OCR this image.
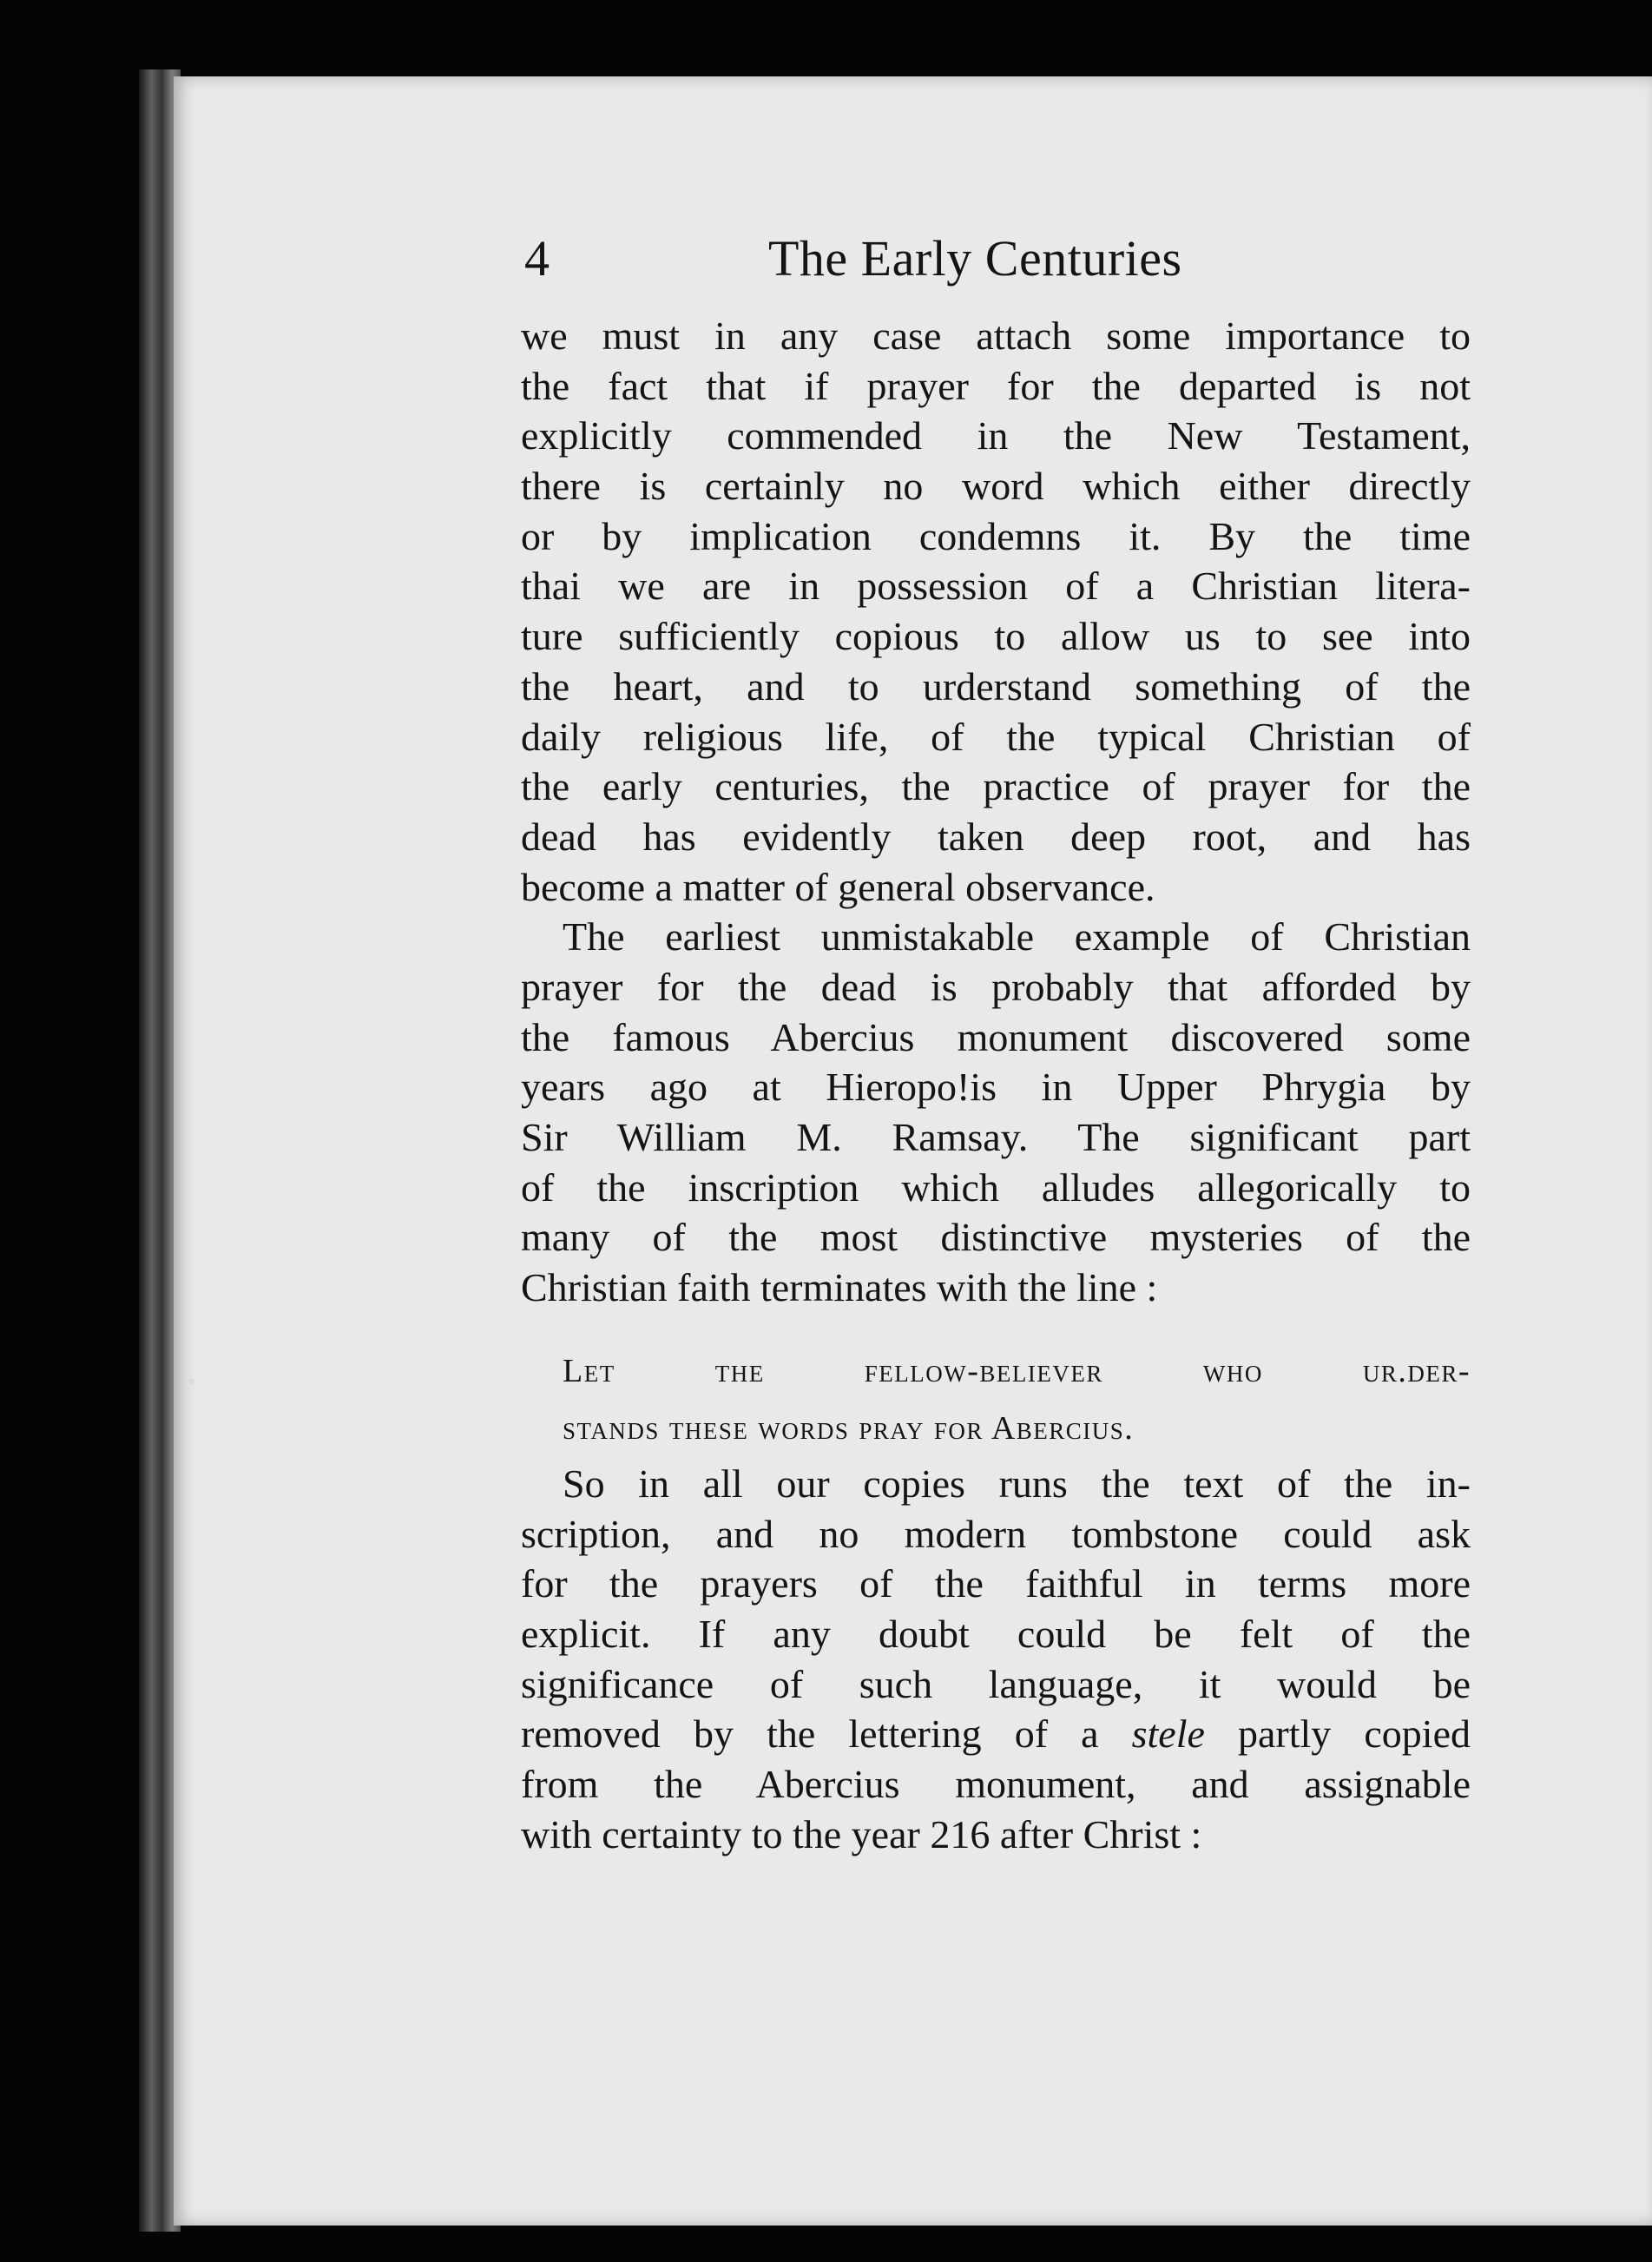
4	The Early Centuries
we must in any case attach some importance to
the fact that if prayer for the departed is not
explicitly commended in the New Testament,
there is certainly no word which either directly
or by implication condemns it. By the time
thai we are in possession of a Christian litera-
ture sufficiently copious to allow us to see into
the heart, and to urderstand something of the
daily religious life, of the typical Christian of
the early centuries, the practice of prayer for the
dead has evidently taken deep root, and has
become a matter of general observance.
The earliest unmistakable example of Christian
prayer for the dead is probably that afforded by
the famous Abercius monument discovered some
years ago at Hieropo!is in Upper Phrygia by
Sir William M. Ramsay. The significant part
of the inscription which alludes allegorically to
many of the most distinctive mysteries of the
Christian faith terminates with the line :
Let the fellow-believer who ur.der-
stands these words pray for Abercius.
So in all our copies runs the text of the in-
scription, and no modern tombstone could ask
for the prayers of the faithful in terms more
explicit. If any doubt could be felt of the
significance of such language, it would be
removed by the lettering of a stele partly copied
from the Abercius monument, and assignable
with certainty to the year 216 after Christ :
